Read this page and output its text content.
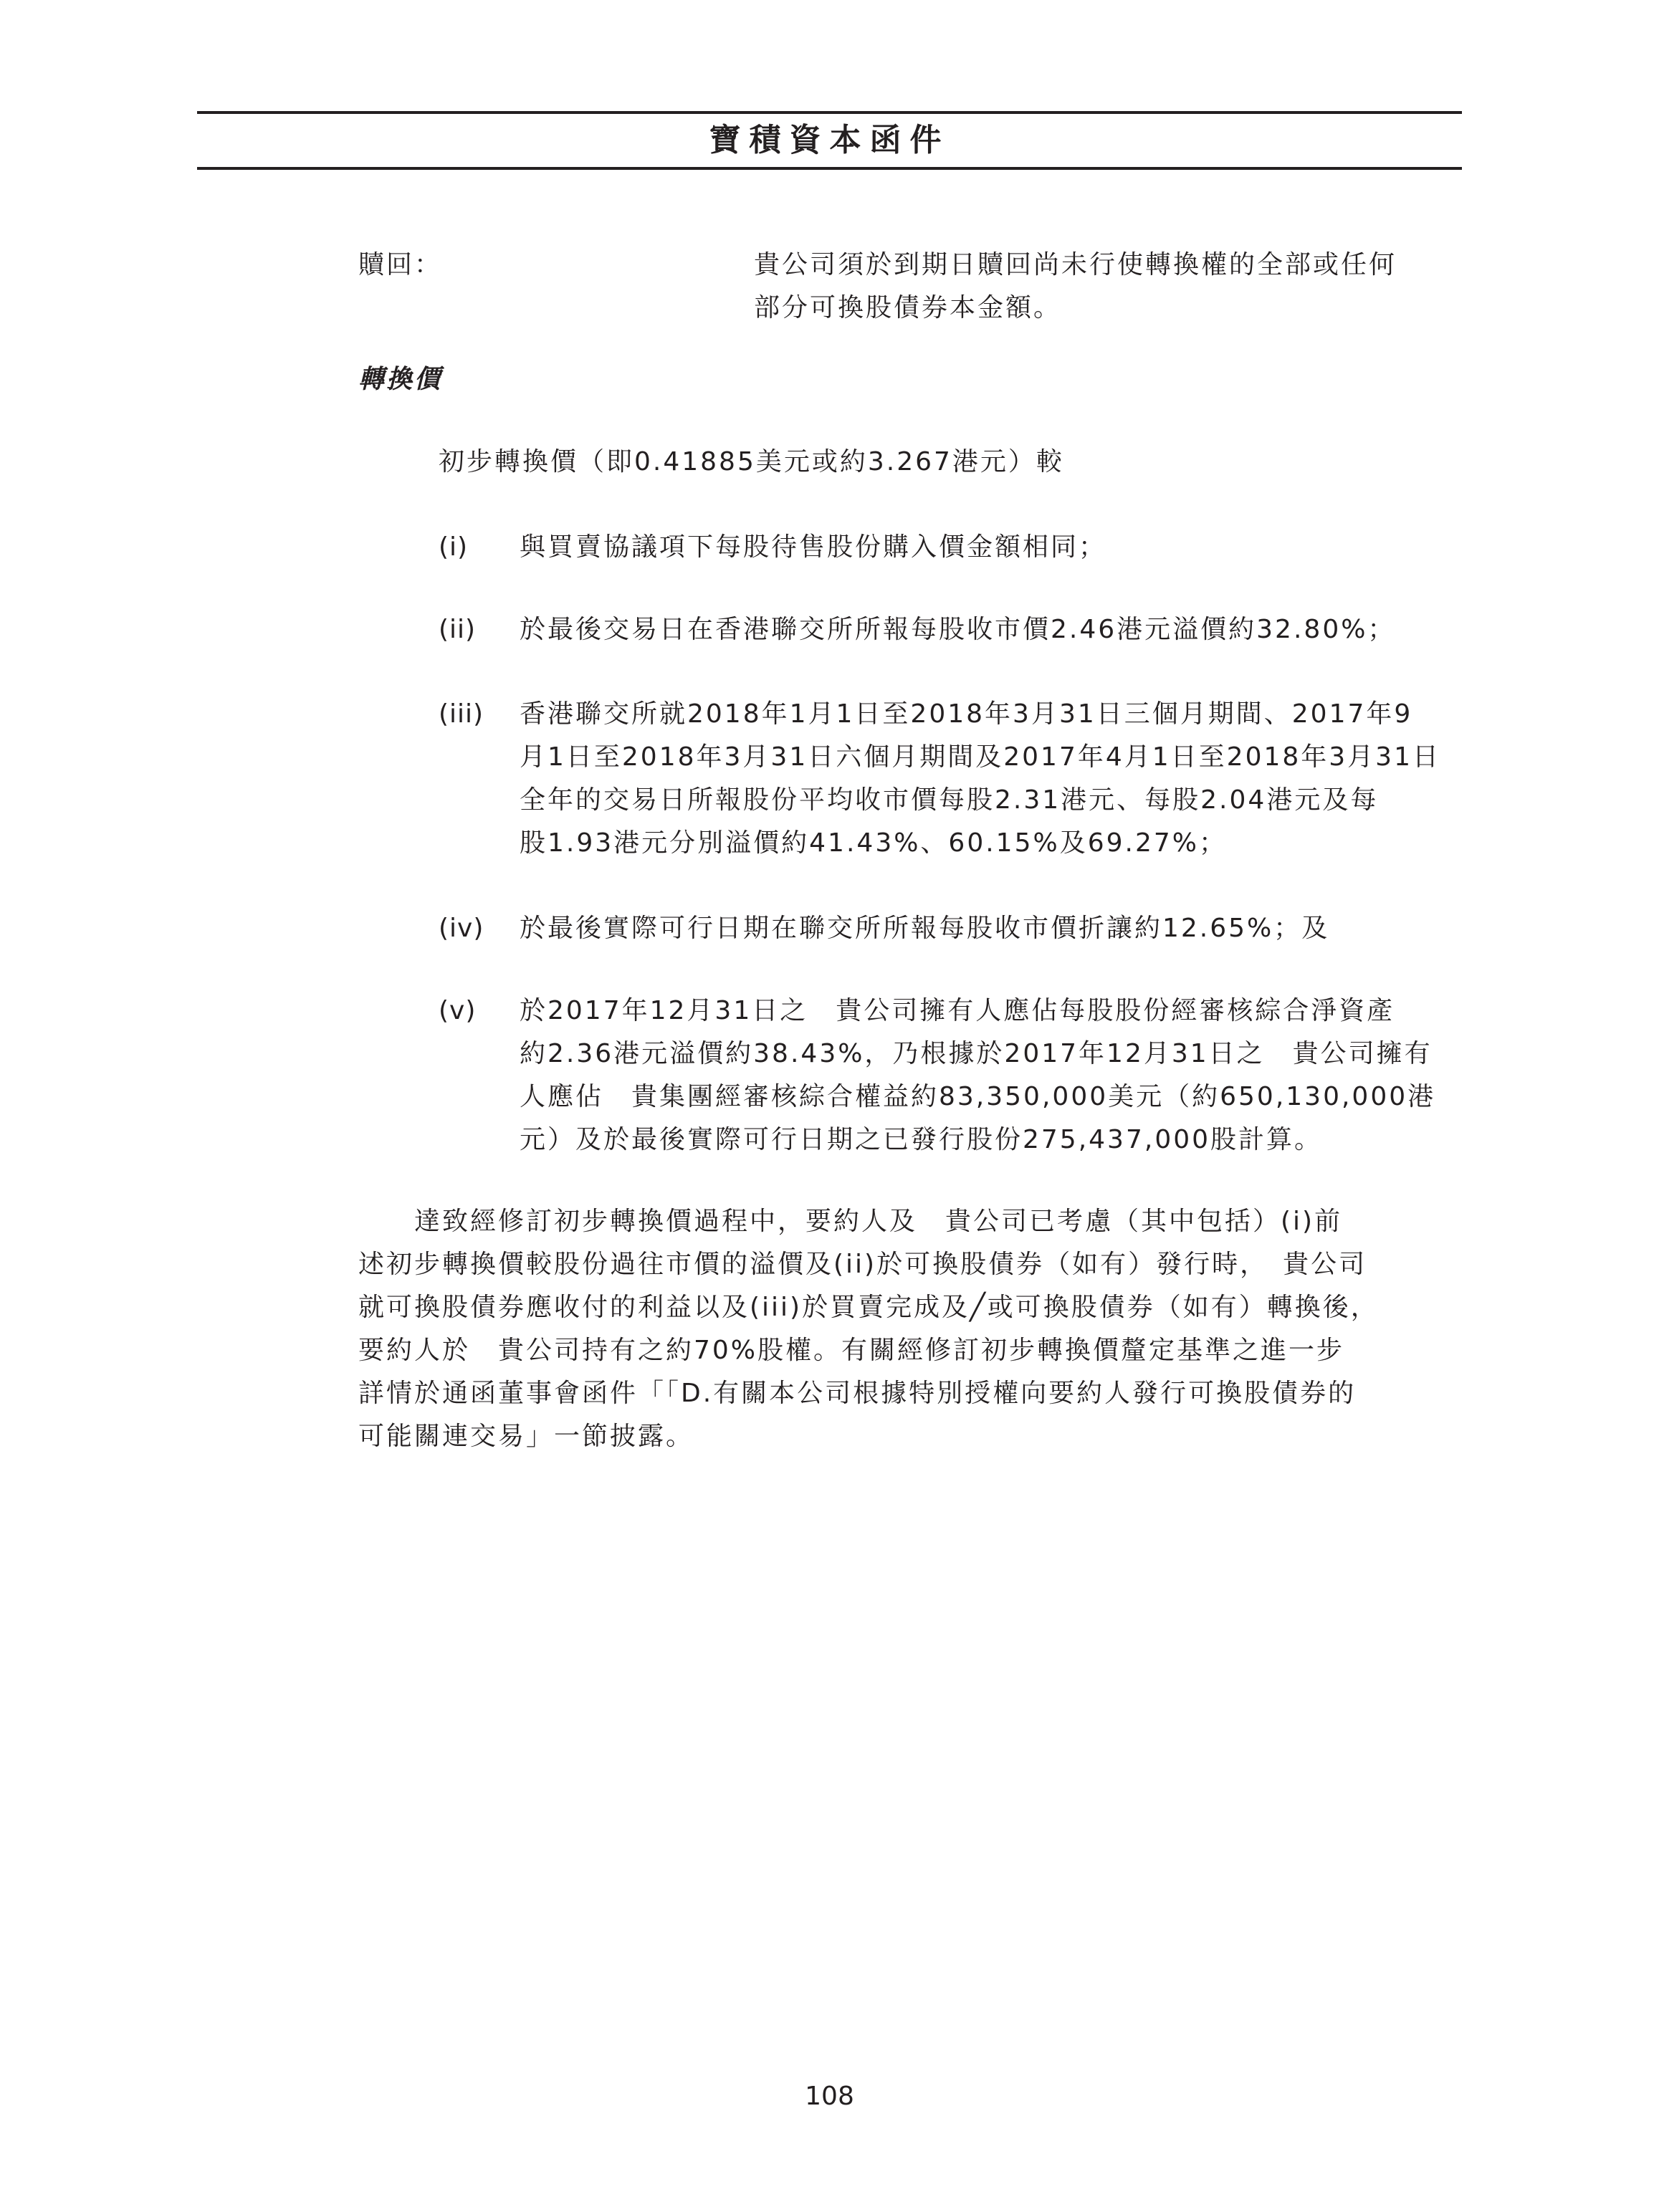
寶積資本函件

贖回：	貴公司須於到期日贖回尚未行使轉換權的全部或任何

部分可換股債券本金額。

轉換價

初步轉換價（即0.41885美元或約3.267港元）較

(i) 與買賣協議項下每股待售股份購入價金額相同；

(ii) 於最後交易日在香港聯交所所報每股收市價2.46港元溢價約32.80%；

(iii) 香港聯交所就2018年1月1日至2018年3月31日三個月期間、2017年9

月1日至2018年3月31日六個月期間及2017年4月1日至2018年3月31日

全年的交易日所報股份平均收市價每股2.31港元、每股2.04港元及每

股1.93港元分別溢價約41.43%、60.15%及69.27%；

(iv) 於最後實際可行日期在聯交所所報每股收市價折讓約12.65%；及

(v) 於2017年12月31日之　貴公司擁有人應佔每股股份經審核綜合淨資產

約2.36港元溢價約38.43%，乃根據於2017年12月31日之　貴公司擁有

人應佔　貴集團經審核綜合權益約83,350,000美元（約650,130,000港

元）及於最後實際可行日期之已發行股份275,437,000股計算。

　　達致經修訂初步轉換價過程中，要約人及　貴公司已考慮（其中包括）(i)前

述初步轉換價較股份過往市價的溢價及(ii)於可換股債券（如有）發行時，　貴公司

就可換股債券應收付的利益以及(iii)於買賣完成及╱或可換股債券（如有）轉換後，

要約人於　貴公司持有之約70%股權。有關經修訂初步轉換價釐定基準之進一步

詳情於通函董事會函件「「D.有關本公司根據特別授權向要約人發行可換股債券的

可能關連交易」一節披露。

108
